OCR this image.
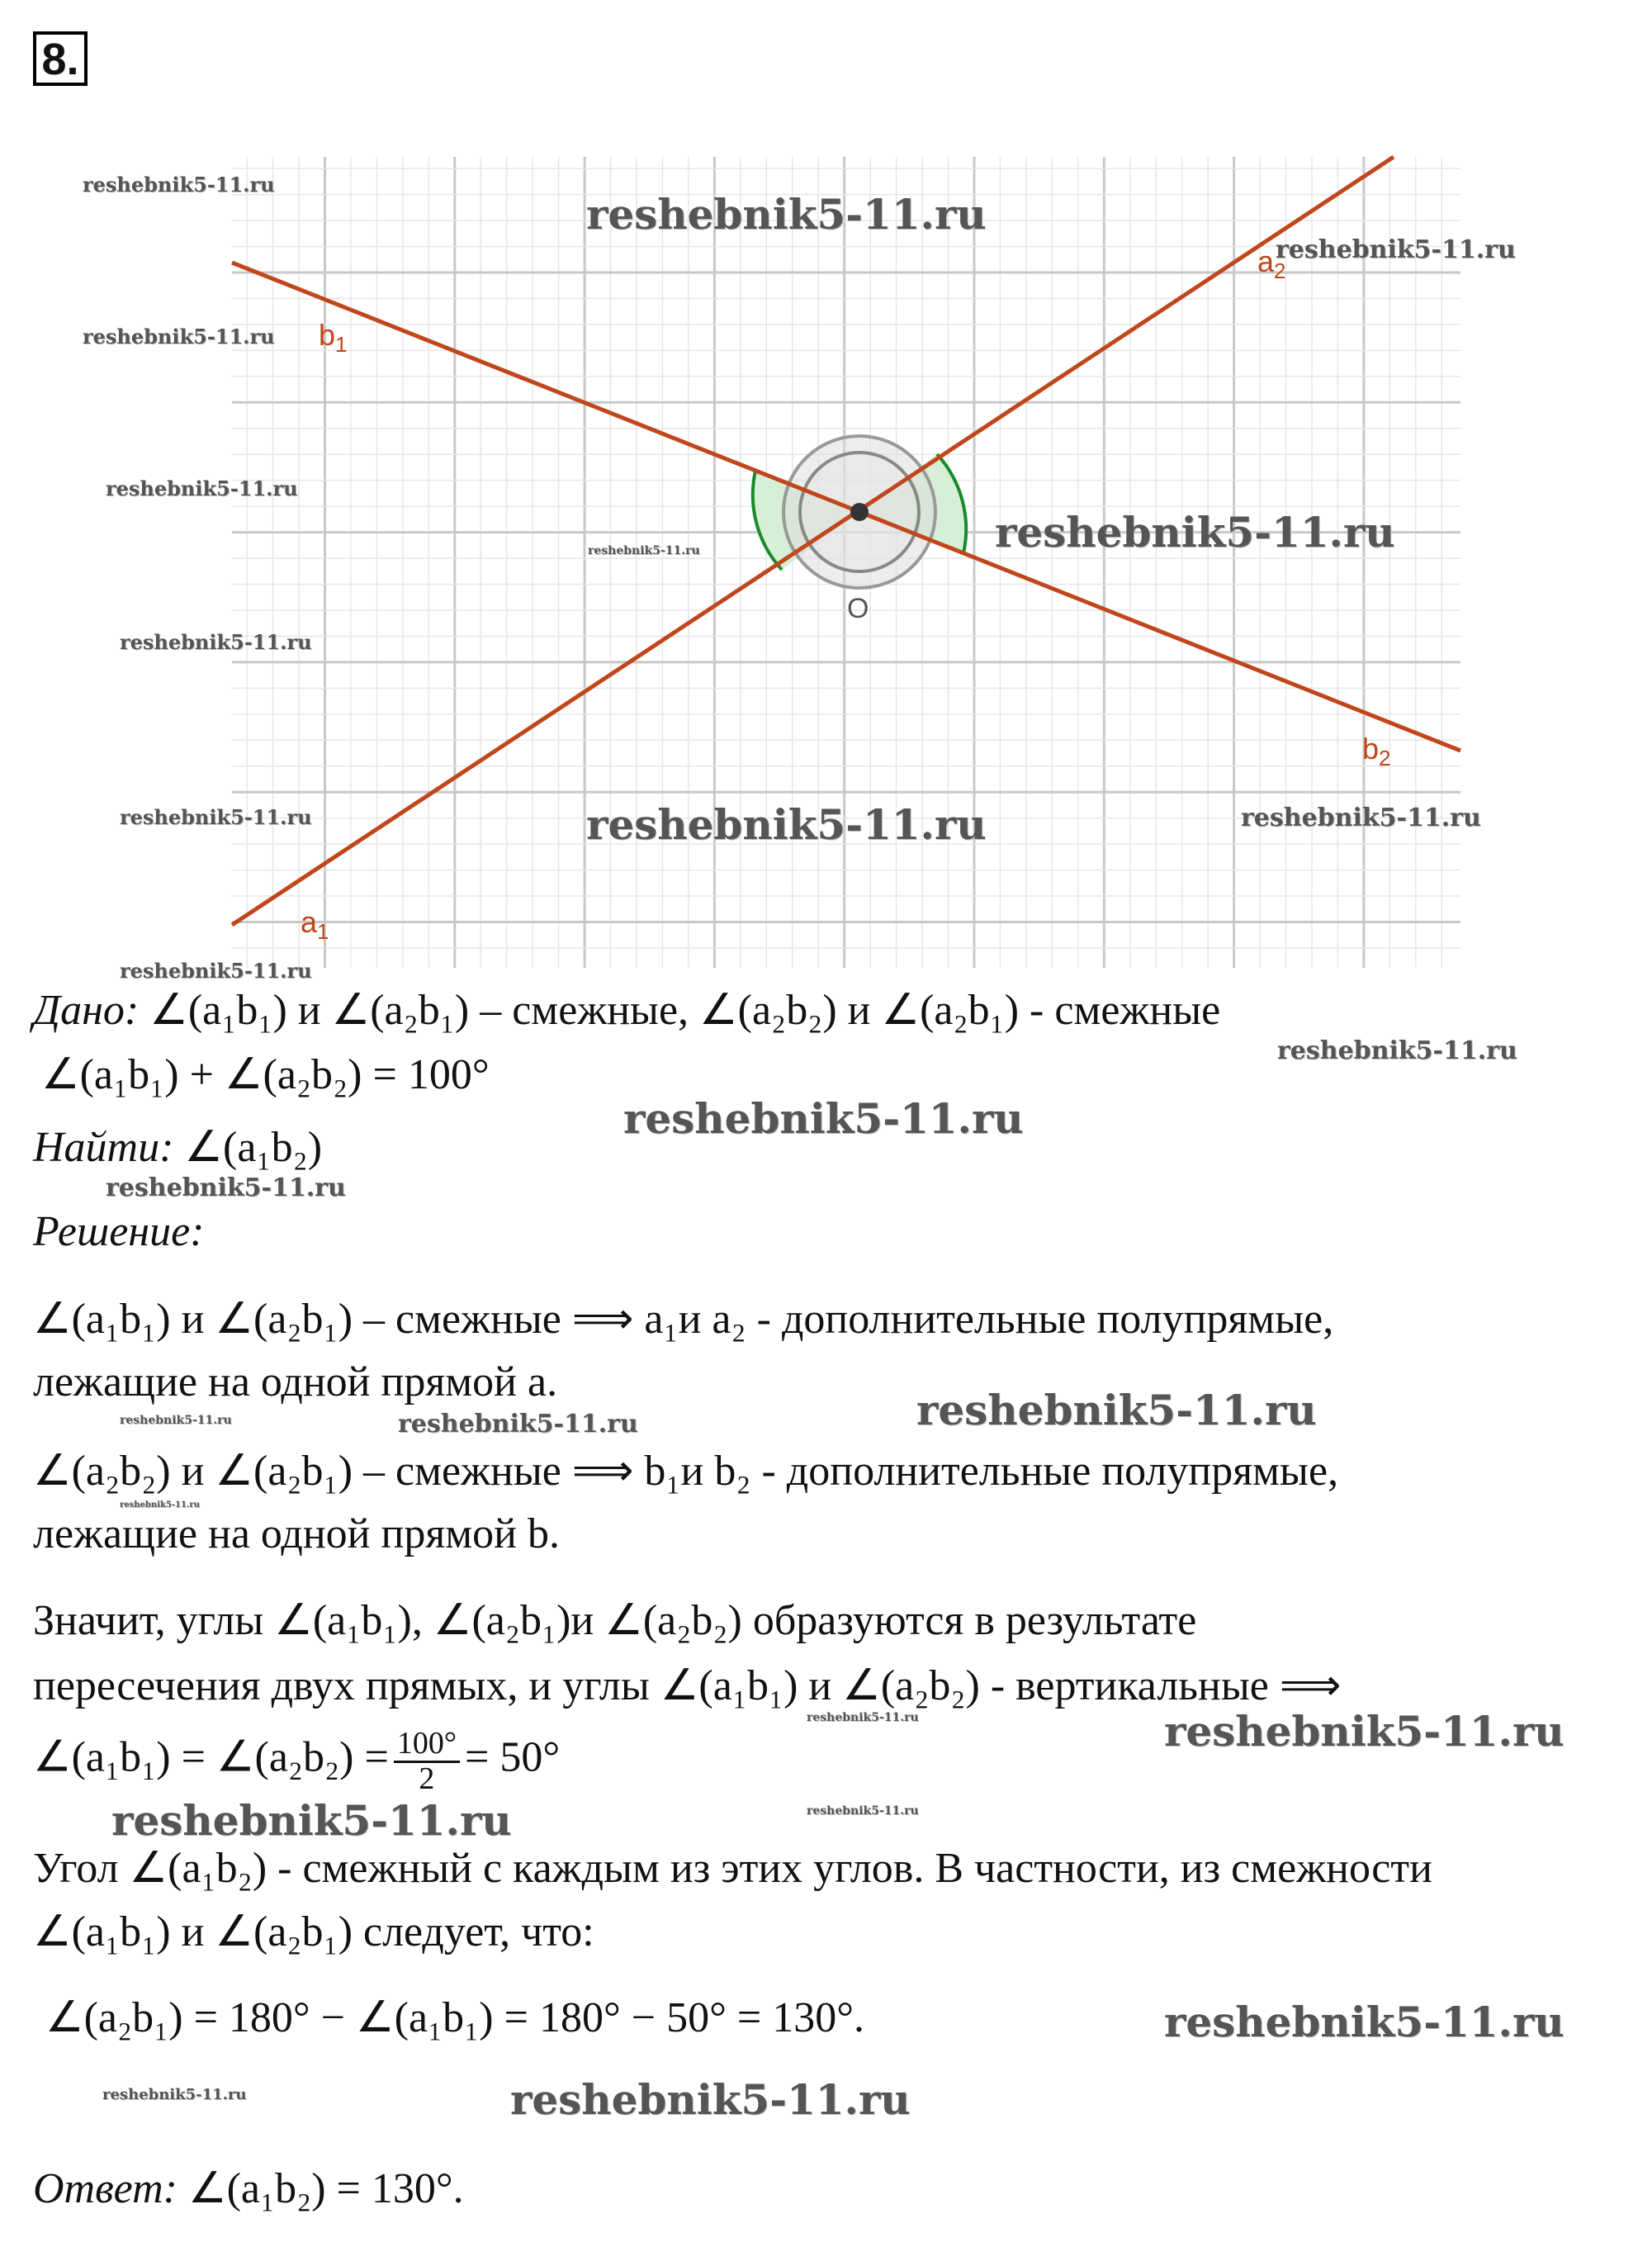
8.
$b_1$
$a_2$
$b_2$
$a_1$
O
Дано: ∠(a₁b₁) и ∠(a₂b₁) – смежные, ∠(a₂b₂) и ∠(a₂b₁) - смежные
∠(a₁b₁) + ∠(a₂b₂) = 100°
Найти: ∠(a₁b₂)
Решение:
∠(a₁b₁) и ∠(a₂b₁) – смежные ⟹ a₁и a₂ - дополнительные полупрямые,
лежащие на одной прямой a.
∠(a₂b₂) и ∠(a₂b₁) – смежные ⟹ b₁и b₂ - дополнительные полупрямые,
лежащие на одной прямой b.
Значит, углы ∠(a₁b₁), ∠(a₂b₁)и ∠(a₂b₂) образуются в результате
пересечения двух прямых, и углы ∠(a₁b₁) и ∠(a₂b₂) - вертикальные ⟹
∠(a₁b₁) = ∠(a₂b₂) = $\frac{100^\circ}{2} = 50^\circ$
Угол ∠(a₁b₂) - смежный с каждым из этих углов. В частности, из смежности
∠(a₁b₁) и ∠(a₂b₁) следует, что:
∠(a₂b₁) = 180° − ∠(a₁b₁) = 180° − 50° = 130°.
Ответ: ∠(a₁b₂) = 130°.
reshebnik5-11.ru
reshebnik5-11.ru
reshebnik5-11.ru
reshebnik5-11.ru
reshebnik5-11.ru
reshebnik5-11.ru	reshebnik5-11.ru
reshebnik5-11.ru
reshebnik5-11.ru	reshebnik5-11.ru	reshebnik5-11.ru
reshebnik5-11.ru
reshebnik5-11.ru
reshebnik5-11.ru
reshebnik5-11.ru
reshebnik5-11.ru	reshebnik5-11.ru	reshebnik5-11.ru
reshebnik5-11.ru
reshebnik5-11.ru	reshebnik5-11.ru
reshebnik5-11.ru	reshebnik5-11.ru
reshebnik5-11.ru
reshebnik5-11.ru	reshebnik5-11.ru
